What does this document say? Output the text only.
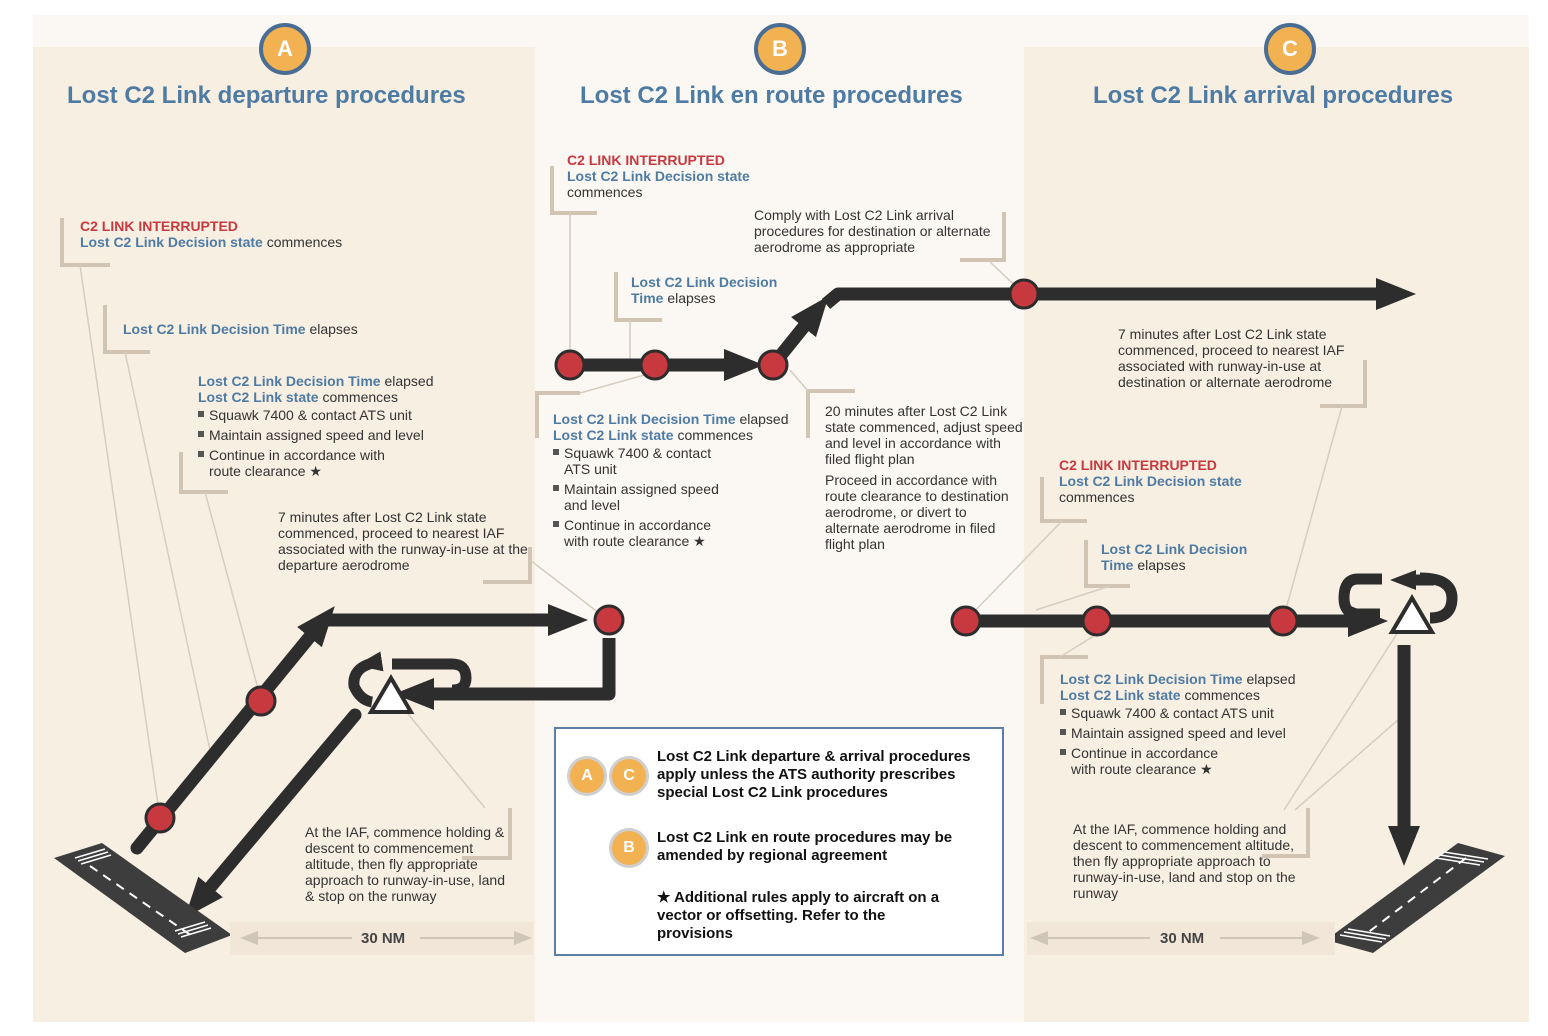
A	B	C
Lost C2 Link departure procedures	Lost C2 Link en route procedures	Lost C2 Link arrival procedures
C2 LINK INTERRUPTED
Lost C2 Link Decision state commences
Lost C2 Link Decision Time elapses
Lost C2 Link Decision Time elapsed
Lost C2 Link state commences
Squawk 7400 & contact ATS unit
Maintain assigned speed and level
Continue in accordance with route clearance ★
7 minutes after Lost C2 Link state commenced, proceed to nearest IAF associated with the runway-in-use at the departure aerodrome
At the IAF, commence holding & descent to commencement altitude, then fly appropriate approach to runway-in-use, land & stop on the runway
30 NM
C2 LINK INTERRUPTED
Lost C2 Link Decision state
commences
Lost C2 Link Decision Time elapses
Lost C2 Link Decision Time elapsed
Lost C2 Link state commences
Squawk 7400 & contact ATS unit
Maintain assigned speed and level
Continue in accordance with route clearance ★
20 minutes after Lost C2 Link state commenced, adjust speed and level in accordance with filed flight plan
Proceed in accordance with route clearance to destination aerodrome, or divert to alternate aerodrome in filed flight plan
Comply with Lost C2 Link arrival procedures for destination or alternate aerodrome as appropriate
7 minutes after Lost C2 Link state commenced, proceed to nearest IAF associated with runway-in-use at destination or alternate aerodrome
C2 LINK INTERRUPTED
Lost C2 Link Decision state
commences
Lost C2 Link Decision Time elapses
Lost C2 Link Decision Time elapsed
Lost C2 Link state commences
Squawk 7400 & contact ATS unit
Maintain assigned speed and level
Continue in accordance with route clearance ★
At the IAF, commence holding and descent to commencement altitude, then fly appropriate approach to runway-in-use, land and stop on the runway
30 NM
A	C
Lost C2 Link departure & arrival procedures apply unless the ATS authority prescribes special Lost C2 Link procedures
B
Lost C2 Link en route procedures may be amended by regional agreement
★ Additional rules apply to aircraft on a vector or offsetting. Refer to the provisions
